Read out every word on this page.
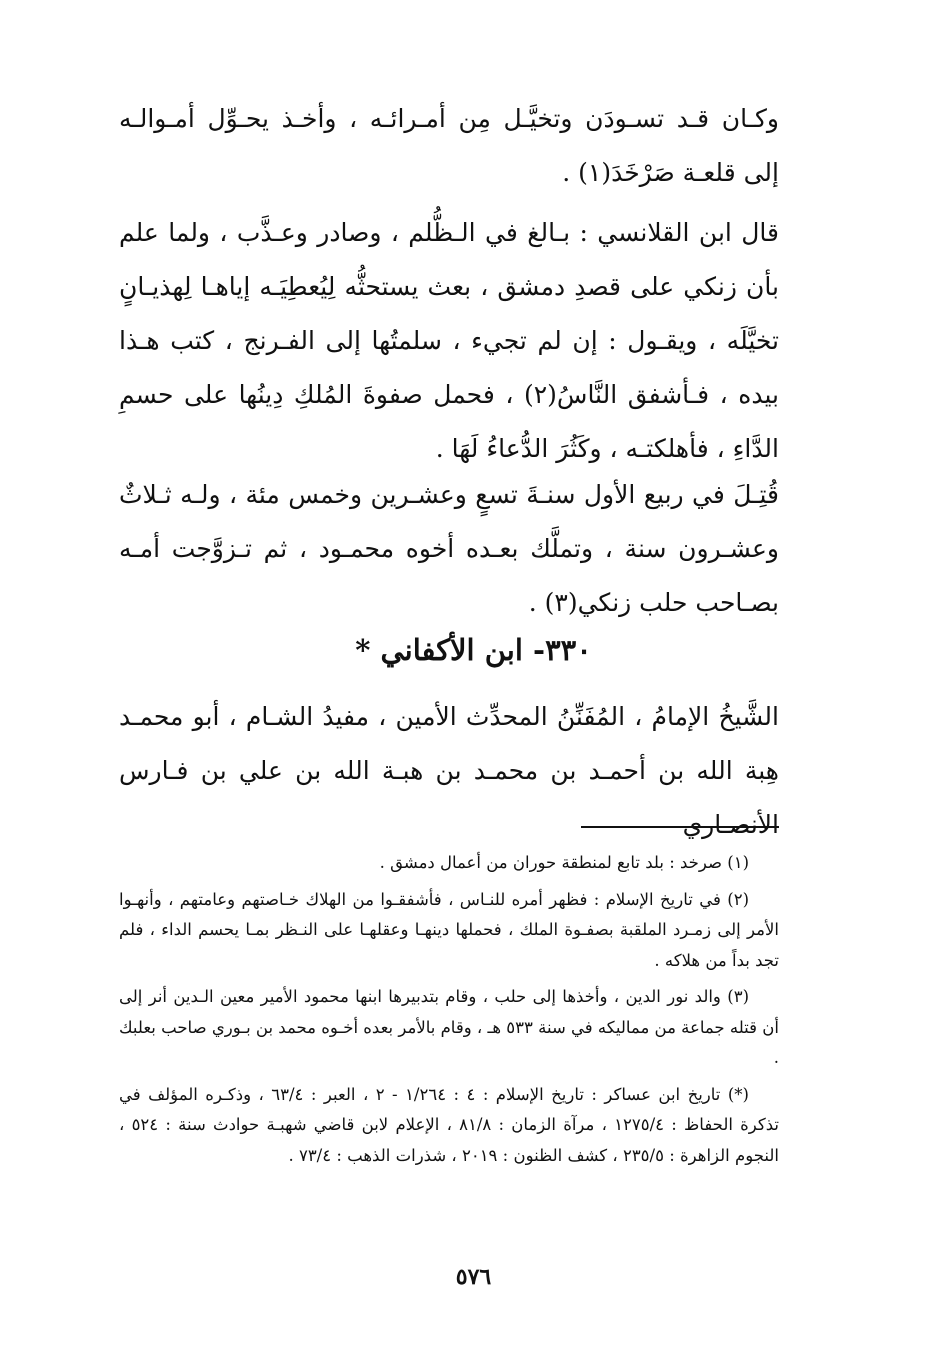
وكـان قـد تسـودَن وتخيَّـل مِن أمـرائـه ، وأخـذ يحـوِّل أمـوالـه إلى قلعـة صَرْخَدَ(١) .

قال ابن القلانسي : بـالغ في الـظُّلم ، وصادر وعـذَّب ، ولما علم بأن زنكي على قصدِ دمشق ، بعث يستحثُّه لِيُعطِيَـه إياهـا لِهذيـانٍ تخيَّلَه ، ويقـول : إن لم تجيء ، سلمتُها إلى الفـرنج ، كتب هـذا بيده ، فـأشفق النَّاسُ(٢) ، فحمل صفوةَ المُلكِ دِينُها على حسمِ الدَّاءِ ، فأهلكتـه ، وكَثُرَ الدُّعاءُ لَهَا .

قُتِـلَ في ربيع الأول سنـةَ تسعٍ وعشـرين وخمس مئة ، ولـه ثـلاثٌ وعشـرون سنة ، وتملَّك بعـده أخوه محمـود ، ثم تـزوَّجت أمـه بصـاحب حلب زنكي(٣) .

٣٣٠- ابن الأكفاني *

الشَّيخُ الإمامُ ، المُفَنِّنُ المحدِّث الأمين ، مفيدُ الشـام ، أبو محمـد هِبة الله بن أحمـد بن محمـد بن هبـة الله بن علي بن فـارس الأنصـاري

(١) صرخد : بلد تابع لمنطقة حوران من أعمال دمشق .

(٢) في تاريخ الإسلام : فظهر أمره للنـاس ، فأشفقـوا من الهلاك خـاصتهم وعامتهم ، وأنهـوا الأمر إلى زمـرد الملقبة بصفـوة الملك ، فحملها دينهـا وعقلهـا على النـظر بمـا يحسم الداء ، فلم تجد بداً من هلاكه .

(٣) والد نور الدين ، وأخذها إلى حلب ، وقام بتدبيرها ابنها محمود الأمير معين الـدين أنر إلى أن قتله جماعة من مماليكه في سنة ٥٣٣ هـ ، وقام بالأمر بعده أخـوه محمد بن بـوري صاحب بعلبك .

(*) تاريخ ابن عساكر : تاريخ الإسلام : ٤ : ١/٢٦٤ - ٢ ، العبر : ٦٣/٤ ، وذكـره المؤلف في تذكرة الحفاظ : ١٢٧٥/٤ ، مرآة الزمان : ٨١/٨ ، الإعلام لابن قاضي شهبـة حوادث سنة : ٥٢٤ ، النجوم الزاهرة : ٢٣٥/٥ ، كشف الظنون : ٢٠١٩ ، شذرات الذهب : ٧٣/٤ .

٥٧٦
